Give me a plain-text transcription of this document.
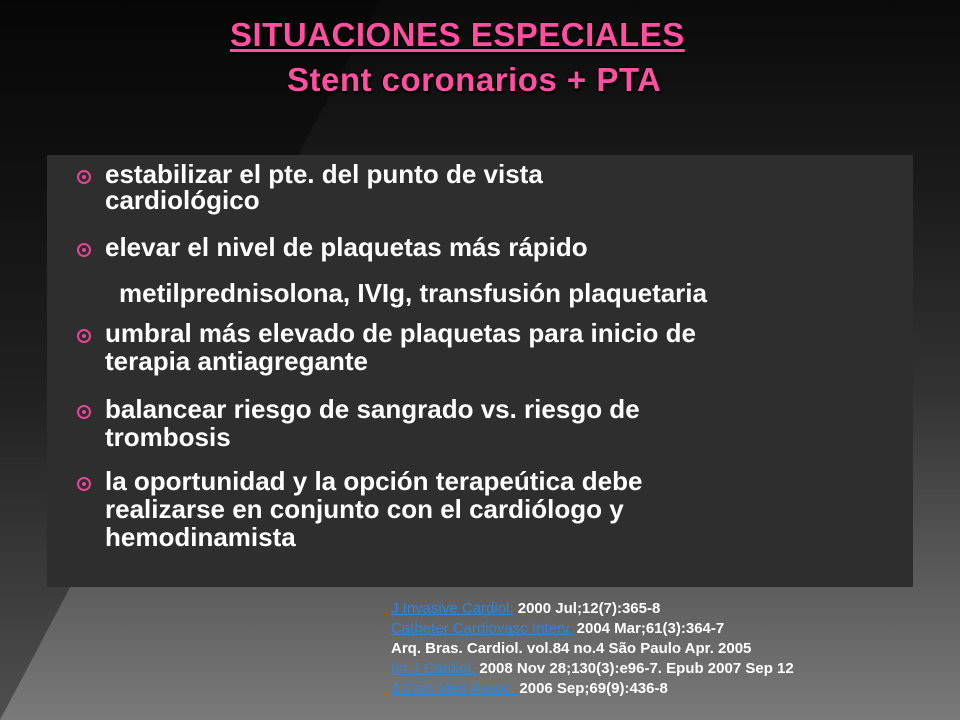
SITUACIONES ESPECIALES
Stent coronarios + PTA
estabilizar el pte. del punto de vista
cardiológico
elevar el nivel de plaquetas más rápido
metilprednisolona, IVIg, transfusión plaquetaria
umbral más elevado de plaquetas para inicio de
terapia antiagregante
balancear riesgo de sangrado vs. riesgo de
trombosis
la oportunidad y la opción terapeútica debe
realizarse en conjunto con el cardiólogo y
hemodinamista
J Invasive Cardiol. 2000 Jul;12(7):365-8
Catheter Cardiovasc Interv. 2004 Mar;61(3):364-7
Arq. Bras. Cardiol. vol.84 no.4 São Paulo Apr. 2005
Int J Cardiol. 2008 Nov 28;130(3):e96-7. Epub 2007 Sep 12
J Chin Med Assoc. 2006 Sep;69(9):436-8
